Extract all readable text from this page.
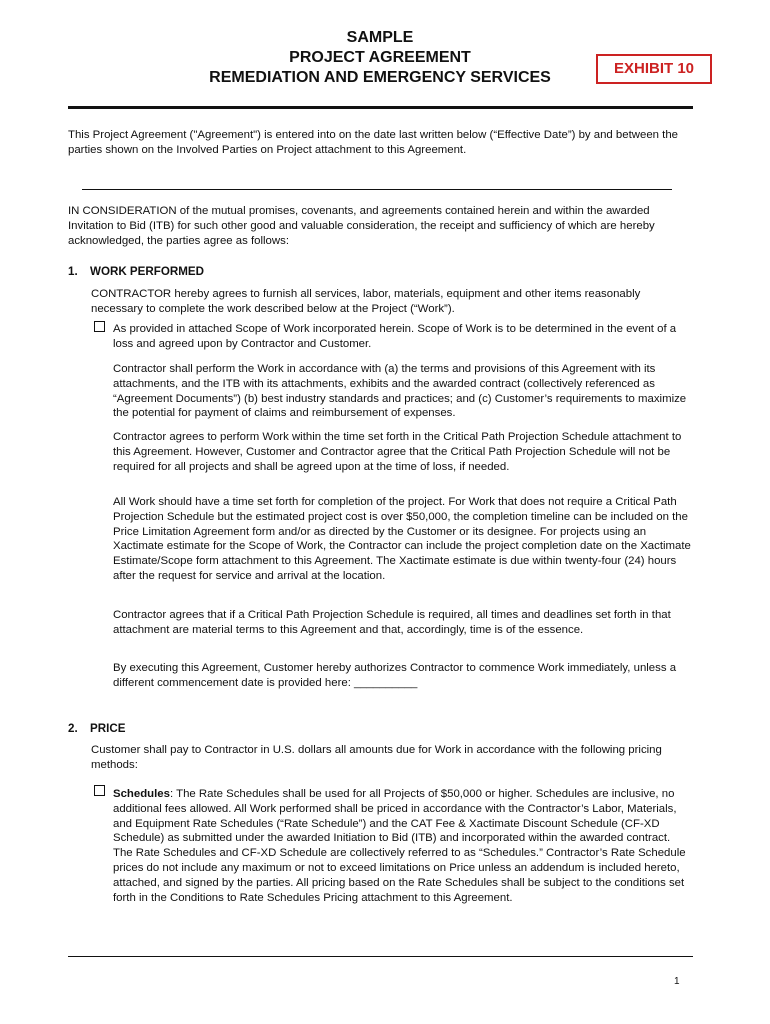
SAMPLE
PROJECT AGREEMENT
REMEDIATION AND EMERGENCY SERVICES
EXHIBIT 10
This Project Agreement ("Agreement") is entered into on the date last written below (“Effective Date”) by and between the parties shown on the Involved Parties on Project attachment to this Agreement.
IN CONSIDERATION of the mutual promises, covenants, and agreements contained herein and within the awarded Invitation to Bid (ITB) for such other good and valuable consideration, the receipt and sufficiency of which are hereby acknowledged, the parties agree as follows:
1. WORK PERFORMED
CONTRACTOR hereby agrees to furnish all services, labor, materials, equipment and other items reasonably necessary to complete the work described below at the Project (“Work”).
As provided in attached Scope of Work incorporated herein. Scope of Work is to be determined in the event of a loss and agreed upon by Contractor and Customer.
Contractor shall perform the Work in accordance with (a) the terms and provisions of this Agreement with its attachments, and the ITB with its attachments, exhibits and the awarded contract (collectively referenced as “Agreement Documents”) (b) best industry standards and practices; and (c) Customer’s requirements to maximize the potential for payment of claims and reimbursement of expenses.
Contractor agrees to perform Work within the time set forth in the Critical Path Projection Schedule attachment to this Agreement. However, Customer and Contractor agree that the Critical Path Projection Schedule will not be required for all projects and shall be agreed upon at the time of loss, if needed.
All Work should have a time set forth for completion of the project. For Work that does not require a Critical Path Projection Schedule but the estimated project cost is over $50,000, the completion timeline can be included on the Price Limitation Agreement form and/or as directed by the Customer or its designee. For projects using an Xactimate estimate for the Scope of Work, the Contractor can include the project completion date on the Xactimate Estimate/Scope form attachment to this Agreement. The Xactimate estimate is due within twenty-four (24) hours after the request for service and arrival at the location.
Contractor agrees that if a Critical Path Projection Schedule is required, all times and deadlines set forth in that attachment are material terms to this Agreement and that, accordingly, time is of the essence.
By executing this Agreement, Customer hereby authorizes Contractor to commence Work immediately, unless a different commencement date is provided here: __________
2. PRICE
Customer shall pay to Contractor in U.S. dollars all amounts due for Work in accordance with the following pricing methods:
Schedules: The Rate Schedules shall be used for all Projects of $50,000 or higher. Schedules are inclusive, no additional fees allowed. All Work performed shall be priced in accordance with the Contractor’s Labor, Materials, and Equipment Rate Schedules (“Rate Schedule”) and the CAT Fee & Xactimate Discount Schedule (CF-XD Schedule) as submitted under the awarded Initiation to Bid (ITB) and incorporated within the awarded contract. The Rate Schedules and CF-XD Schedule are collectively referred to as “Schedules.” Contractor’s Rate Schedule prices do not include any maximum or not to exceed limitations on Price unless an addendum is included hereto, attached, and signed by the parties. All pricing based on the Rate Schedules shall be subject to the conditions set forth in the Conditions to Rate Schedules Pricing attachment to this Agreement.
1
